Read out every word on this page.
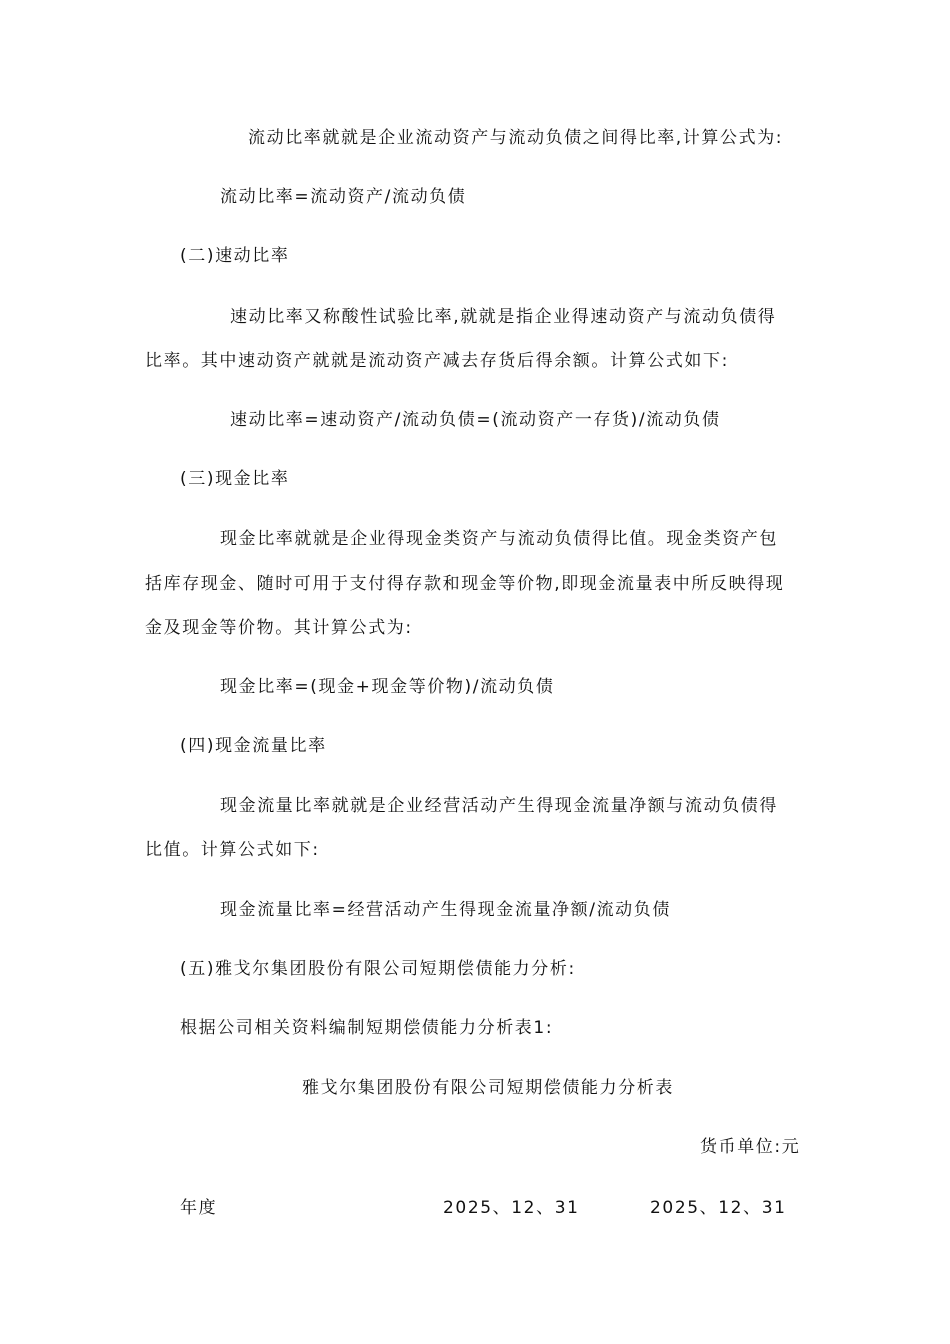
流动比率就就是企业流动资产与流动负债之间得比率,计算公式为:
流动比率=流动资产/流动负债
(二)速动比率
速动比率又称酸性试验比率,就就是指企业得速动资产与流动负债得
比率。其中速动资产就就是流动资产减去存货后得余额。计算公式如下:
速动比率=速动资产/流动负债=(流动资产一存货)/流动负债
(三)现金比率
现金比率就就是企业得现金类资产与流动负债得比值。现金类资产包
括库存现金、随时可用于支付得存款和现金等价物,即现金流量表中所反映得现
金及现金等价物。其计算公式为:
现金比率=(现金+现金等价物)/流动负债
(四)现金流量比率
现金流量比率就就是企业经营活动产生得现金流量净额与流动负债得
比值。计算公式如下:
现金流量比率=经营活动产生得现金流量净额/流动负债
(五)雅戈尔集团股份有限公司短期偿债能力分析:
根据公司相关资料编制短期偿债能力分析表1:
雅戈尔集团股份有限公司短期偿债能力分析表
货币单位:元
年度	2025、12、31	2025、12、31
